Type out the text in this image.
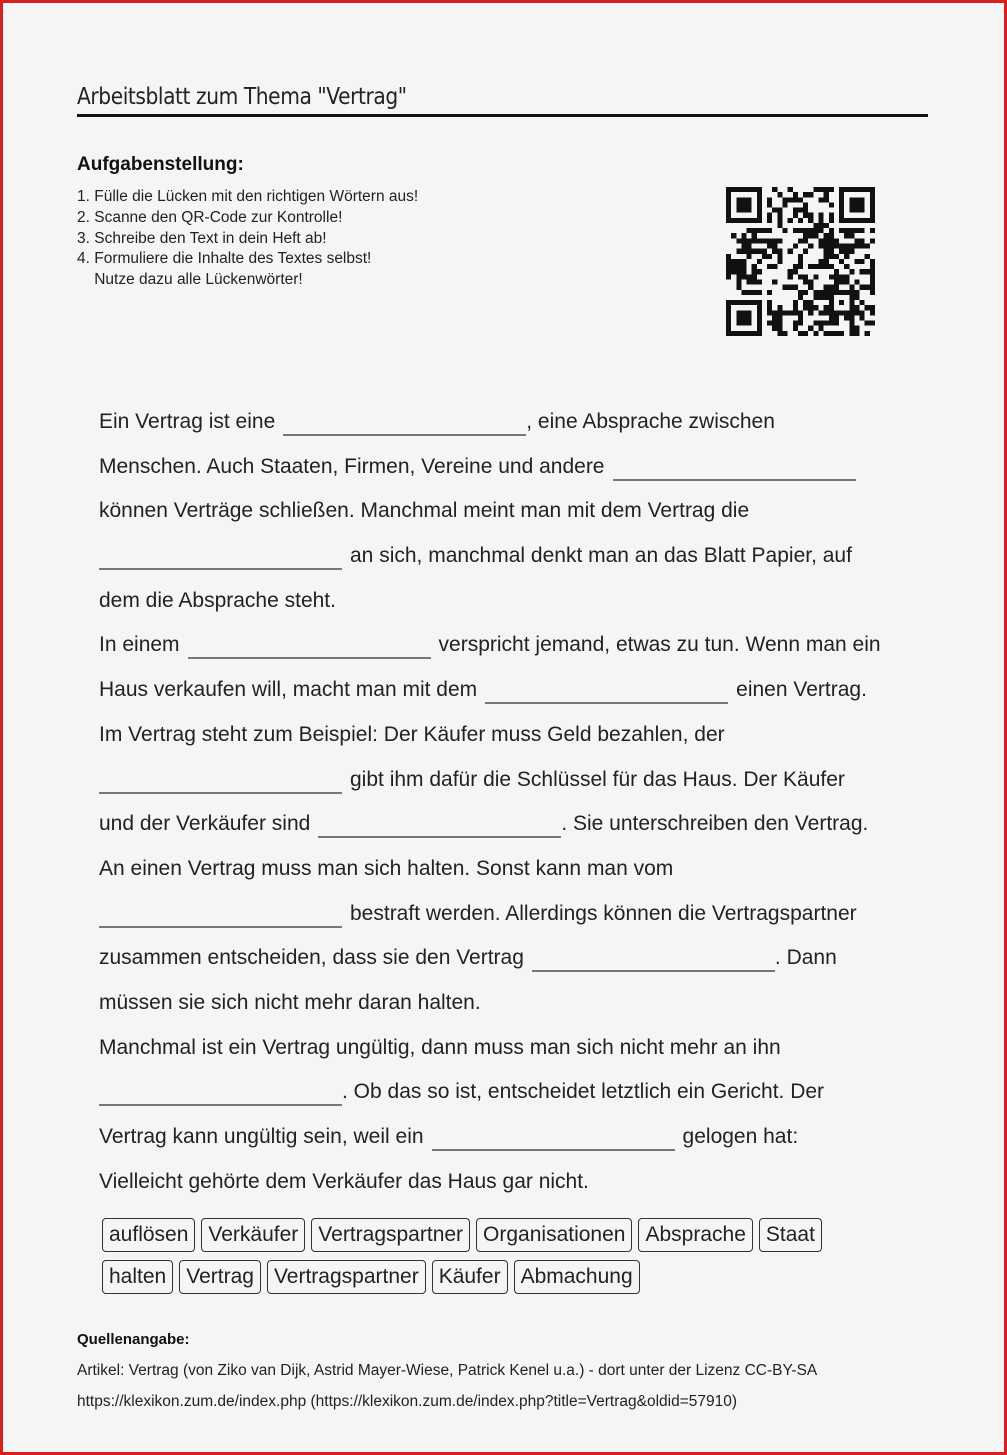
Arbeitsblatt zum Thema "Vertrag"
Aufgabenstellung:
1. Fülle die Lücken mit den richtigen Wörtern aus!
2. Scanne den QR-Code zur Kontrolle!
3. Schreibe den Text in dein Heft ab!
4. Formuliere die Inhalte des Textes selbst!
Nutze dazu alle Lückenwörter!
Ein Vertrag ist eine	, eine Absprache zwischen
Menschen. Auch Staaten, Firmen, Vereine und andere
können Verträge schließen. Manchmal meint man mit dem Vertrag die
an sich, manchmal denkt man an das Blatt Papier, auf
dem die Absprache steht.
In einem	verspricht jemand, etwas zu tun. Wenn man ein
Haus verkaufen will, macht man mit dem	einen Vertrag.
Im Vertrag steht zum Beispiel: Der Käufer muss Geld bezahlen, der
gibt ihm dafür die Schlüssel für das Haus. Der Käufer
und der Verkäufer sind	. Sie unterschreiben den Vertrag.
An einen Vertrag muss man sich halten. Sonst kann man vom
bestraft werden. Allerdings können die Vertragspartner
zusammen entscheiden, dass sie den Vertrag	. Dann
müssen sie sich nicht mehr daran halten.
Manchmal ist ein Vertrag ungültig, dann muss man sich nicht mehr an ihn
. Ob das so ist, entscheidet letztlich ein Gericht. Der
Vertrag kann ungültig sein, weil ein	gelogen hat:
Vielleicht gehörte dem Verkäufer das Haus gar nicht.
auflösen Verkäufer Vertragspartner Organisationen Absprache Staat
halten Vertrag Vertragspartner Käufer Abmachung
Quellenangabe:
Artikel: Vertrag (von Ziko van Dijk, Astrid Mayer-Wiese, Patrick Kenel u.a.) - dort unter der Lizenz CC-BY-SA
https://klexikon.zum.de/index.php (https://klexikon.zum.de/index.php?title=Vertrag&oldid=57910)
